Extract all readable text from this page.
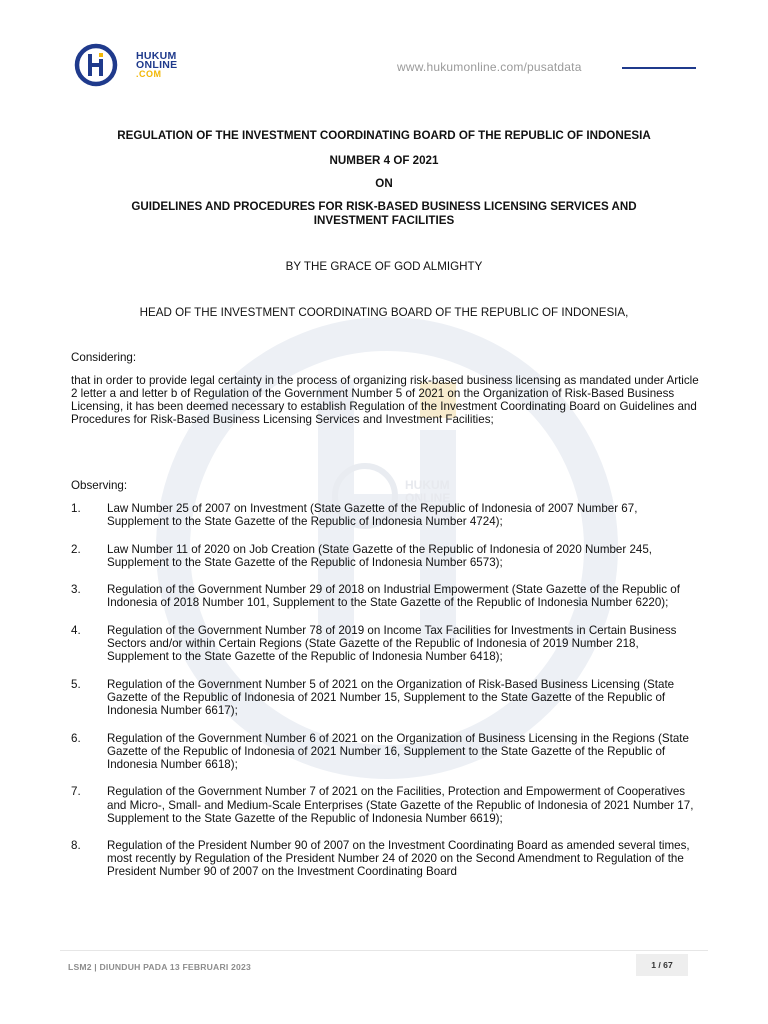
HUKUM
ONLINE
HUKUM
ONLINE
.COM	www.hukumonline.com/pusatdata
REGULATION OF THE INVESTMENT COORDINATING BOARD OF THE REPUBLIC OF INDONESIA
NUMBER 4 OF 2021
ON
GUIDELINES AND PROCEDURES FOR RISK-BASED BUSINESS LICENSING SERVICES AND
INVESTMENT FACILITIES
BY THE GRACE OF GOD ALMIGHTY
HEAD OF THE INVESTMENT COORDINATING BOARD OF THE REPUBLIC OF INDONESIA,
Considering:
that in order to provide legal certainty in the process of organizing risk-based business licensing as mandated under Article 2 letter a and letter b of Regulation of the Government Number 5 of 2021 on the Organization of Risk-Based Business Licensing, it has been deemed necessary to establish Regulation of the Investment Coordinating Board on Guidelines and Procedures for Risk-Based Business Licensing Services and Investment Facilities;
Observing:
1.	Law Number 25 of 2007 on Investment (State Gazette of the Republic of Indonesia of 2007 Number 67, Supplement to the State Gazette of the Republic of Indonesia Number 4724);
2.	Law Number 11 of 2020 on Job Creation (State Gazette of the Republic of Indonesia of 2020 Number 245, Supplement to the State Gazette of the Republic of Indonesia Number 6573);
3.	Regulation of the Government Number 29 of 2018 on Industrial Empowerment (State Gazette of the Republic of Indonesia of 2018 Number 101, Supplement to the State Gazette of the Republic of Indonesia Number 6220);
4.	Regulation of the Government Number 78 of 2019 on Income Tax Facilities for Investments in Certain Business Sectors and/or within Certain Regions (State Gazette of the Republic of Indonesia of 2019 Number 218, Supplement to the State Gazette of the Republic of Indonesia Number 6418);
5.	Regulation of the Government Number 5 of 2021 on the Organization of Risk-Based Business Licensing (State Gazette of the Republic of Indonesia of 2021 Number 15, Supplement to the State Gazette of the Republic of Indonesia Number 6617);
6.	Regulation of the Government Number 6 of 2021 on the Organization of Business Licensing in the Regions (State Gazette of the Republic of Indonesia of 2021 Number 16, Supplement to the State Gazette of the Republic of Indonesia Number 6618);
7.	Regulation of the Government Number 7 of 2021 on the Facilities, Protection and Empowerment of Cooperatives and Micro-, Small- and Medium-Scale Enterprises (State Gazette of the Republic of Indonesia of 2021 Number 17, Supplement to the State Gazette of the Republic of Indonesia Number 6619);
8.	Regulation of the President Number 90 of 2007 on the Investment Coordinating Board as amended several times, most recently by Regulation of the President Number 24 of 2020 on the Second Amendment to Regulation of the President Number 90 of 2007 on the Investment Coordinating Board
LSM2 | DIUNDUH PADA 13 FEBRUARI 2023	1 / 67
